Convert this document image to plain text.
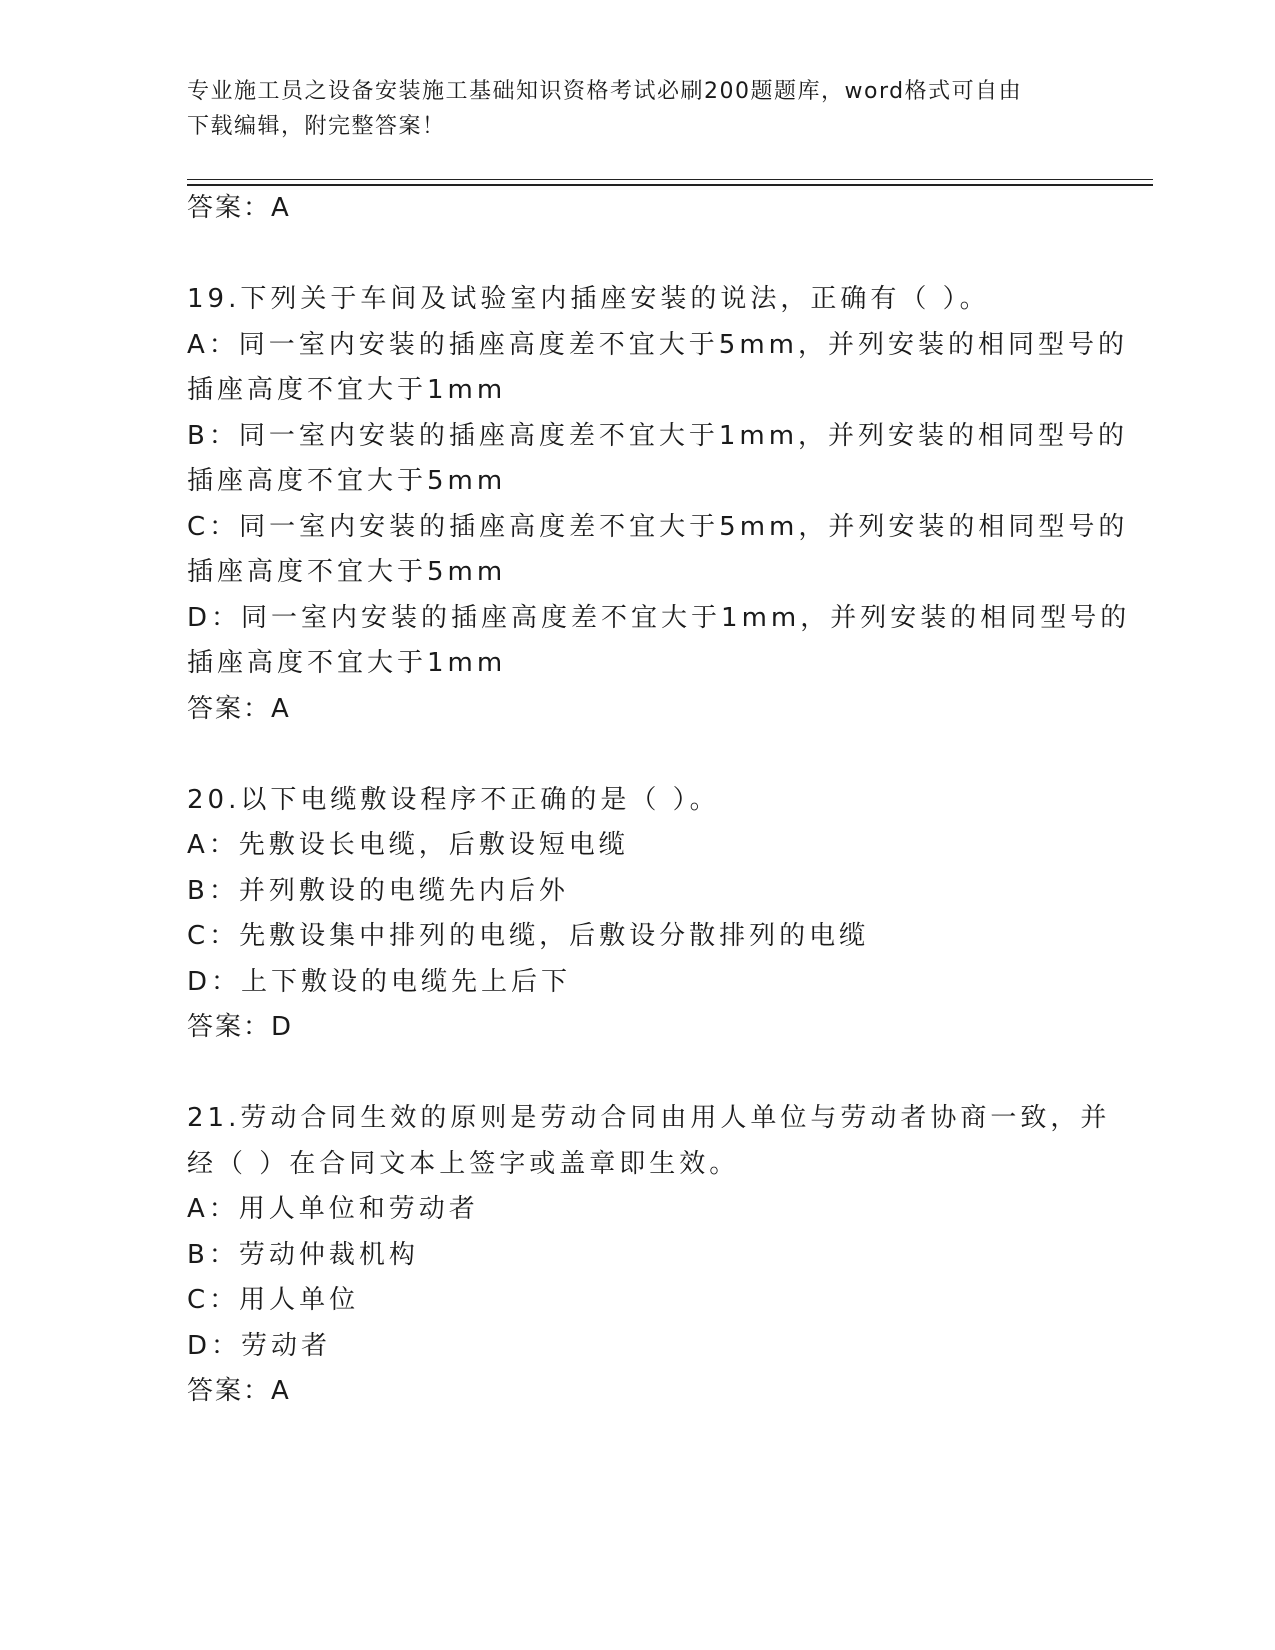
专业施工员之设备安装施工基础知识资格考试必刷200题题库，word格式可自由
下载编辑，附完整答案！
答案：A
19.下列关于车间及试验室内插座安装的说法，正确有（ ）。
A：同一室内安装的插座高度差不宜大于5mm，并列安装的相同型号的
插座高度不宜大于1mm
B：同一室内安装的插座高度差不宜大于1mm，并列安装的相同型号的
插座高度不宜大于5mm
C：同一室内安装的插座高度差不宜大于5mm，并列安装的相同型号的
插座高度不宜大于5mm
D：同一室内安装的插座高度差不宜大于1mm，并列安装的相同型号的
插座高度不宜大于1mm
答案：A
20.以下电缆敷设程序不正确的是（ ）。
A：先敷设长电缆，后敷设短电缆
B：并列敷设的电缆先内后外
C：先敷设集中排列的电缆，后敷设分散排列的电缆
D：上下敷设的电缆先上后下
答案：D
21.劳动合同生效的原则是劳动合同由用人单位与劳动者协商一致，并
经（ ）在合同文本上签字或盖章即生效。
A：用人单位和劳动者
B：劳动仲裁机构
C：用人单位
D：劳动者
答案：A
